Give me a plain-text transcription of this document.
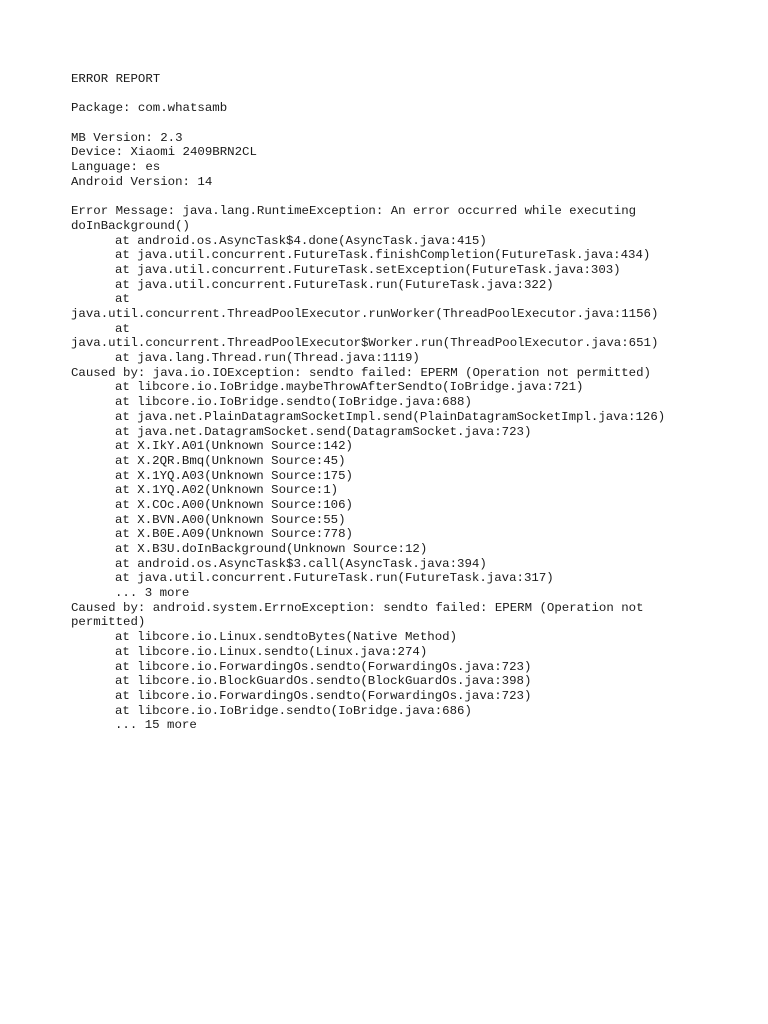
ERROR REPORT
Package: com.whatsamb
MB Version: 2.3
Device: Xiaomi 2409BRN2CL
Language: es
Android Version: 14
Error Message: java.lang.RuntimeException: An error occurred while executing
doInBackground()
at android.os.AsyncTask$4.done(AsyncTask.java:415)
at java.util.concurrent.FutureTask.finishCompletion(FutureTask.java:434)
at java.util.concurrent.FutureTask.setException(FutureTask.java:303)
at java.util.concurrent.FutureTask.run(FutureTask.java:322)
at
java.util.concurrent.ThreadPoolExecutor.runWorker(ThreadPoolExecutor.java:1156)
at
java.util.concurrent.ThreadPoolExecutor$Worker.run(ThreadPoolExecutor.java:651)
at java.lang.Thread.run(Thread.java:1119)
Caused by: java.io.IOException: sendto failed: EPERM (Operation not permitted)
at libcore.io.IoBridge.maybeThrowAfterSendto(IoBridge.java:721)
at libcore.io.IoBridge.sendto(IoBridge.java:688)
at java.net.PlainDatagramSocketImpl.send(PlainDatagramSocketImpl.java:126)
at java.net.DatagramSocket.send(DatagramSocket.java:723)
at X.IkY.A01(Unknown Source:142)
at X.2QR.Bmq(Unknown Source:45)
at X.1YQ.A03(Unknown Source:175)
at X.1YQ.A02(Unknown Source:1)
at X.COc.A00(Unknown Source:106)
at X.BVN.A00(Unknown Source:55)
at X.B0E.A09(Unknown Source:778)
at X.B3U.doInBackground(Unknown Source:12)
at android.os.AsyncTask$3.call(AsyncTask.java:394)
at java.util.concurrent.FutureTask.run(FutureTask.java:317)
... 3 more
Caused by: android.system.ErrnoException: sendto failed: EPERM (Operation not
permitted)
at libcore.io.Linux.sendtoBytes(Native Method)
at libcore.io.Linux.sendto(Linux.java:274)
at libcore.io.ForwardingOs.sendto(ForwardingOs.java:723)
at libcore.io.BlockGuardOs.sendto(BlockGuardOs.java:398)
at libcore.io.ForwardingOs.sendto(ForwardingOs.java:723)
at libcore.io.IoBridge.sendto(IoBridge.java:686)
... 15 more
